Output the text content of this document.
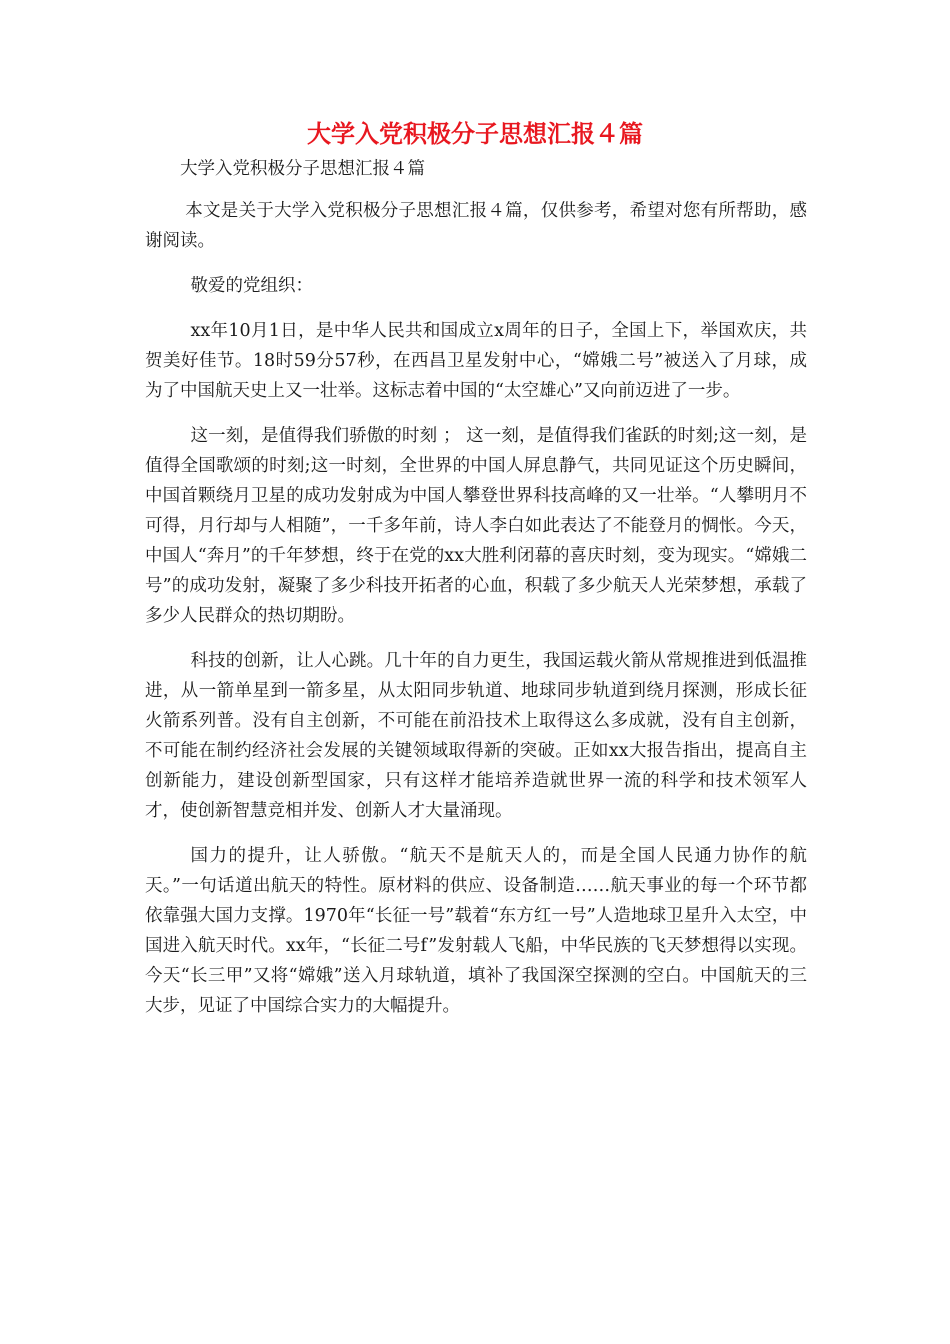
大学入党积极分子思想汇报４篇

大学入党积极分子思想汇报４篇

本文是关于大学入党积极分子思想汇报４篇，仅供参考，希望对您有所帮助，感谢阅读。

敬爱的党组织：

xx年10月1日，是中华人民共和国成立x周年的日子，全国上下，举国欢庆，共贺美好佳节。18时59分57秒，在西昌卫星发射中心，“嫦娥二号”被送入了月球，成为了中国航天史上又一壮举。这标志着中国的“太空雄心”又向前迈进了一步。

这一刻，是值得我们骄傲的时刻 ； 这一刻，是值得我们雀跃的时刻;这一刻，是值得全国歌颂的时刻;这一时刻，全世界的中国人屏息静气，共同见证这个历史瞬间，中国首颗绕月卫星的成功发射成为中国人攀登世界科技高峰的又一壮举。“人攀明月不可得，月行却与人相随”，一千多年前，诗人李白如此表达了不能登月的惆怅。今天，中国人“奔月”的千年梦想，终于在党的xx大胜利闭幕的喜庆时刻，变为现实。“嫦娥二号”的成功发射，凝聚了多少科技开拓者的心血，积载了多少航天人光荣梦想，承载了多少人民群众的热切期盼。

科技的创新，让人心跳。几十年的自力更生，我国运载火箭从常规推进到低温推进，从一箭单星到一箭多星，从太阳同步轨道、地球同步轨道到绕月探测，形成长征火箭系列普。没有自主创新，不可能在前沿技术上取得这么多成就，没有自主创新，不可能在制约经济社会发展的关键领域取得新的突破。正如xx大报告指出，提高自主创新能力，建设创新型国家，只有这样才能培养造就世界一流的科学和技术领军人才，使创新智慧竞相并发、创新人才大量涌现。

国力的提升，让人骄傲。“航天不是航天人的，而是全国人民通力协作的航天。”一句话道出航天的特性。原材料的供应、设备制造……航天事业的每一个环节都依靠强大国力支撑。1970年“长征一号”载着“东方红一号”人造地球卫星升入太空，中国进入航天时代。xx年，“长征二号f”发射载人飞船，中华民族的飞天梦想得以实现。今天“长三甲”又将“嫦娥”送入月球轨道，填补了我国深空探测的空白。中国航天的三大步，见证了中国综合实力的大幅提升。
